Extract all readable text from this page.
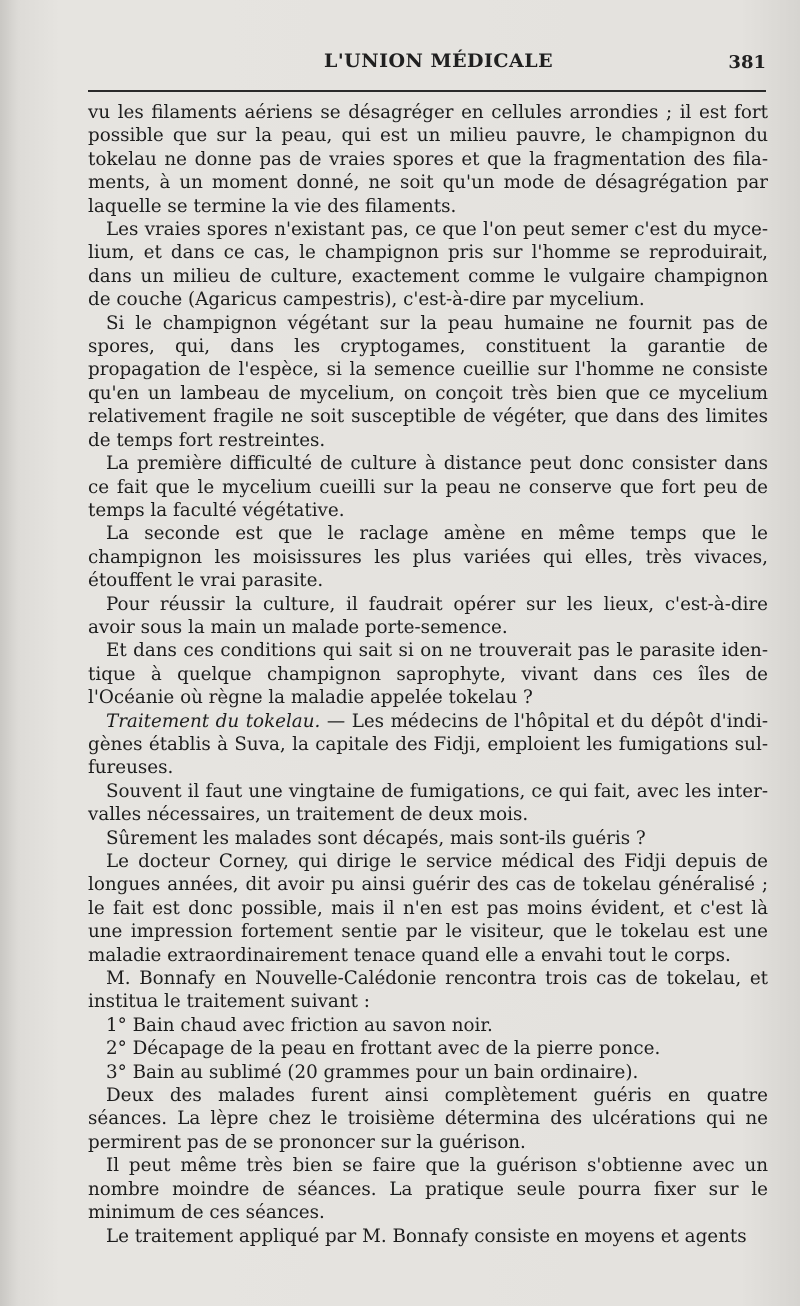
L'UNION MÉDICALE	381

vu les filaments aériens se désagréger en cellules arrondies ; il est fort possible que sur la peau, qui est un milieu pauvre, le champignon du tokelau ne donne pas de vraies spores et que la fragmentation des filaments, à un moment donné, ne soit qu'un mode de désagrégation par laquelle se termine la vie des filaments.

Les vraies spores n'existant pas, ce que l'on peut semer c'est du mycelium, et dans ce cas, le champignon pris sur l'homme se reproduirait, dans un milieu de culture, exactement comme le vulgaire champignon de couche (Agaricus campestris), c'est-à-dire par mycelium.

Si le champignon végétant sur la peau humaine ne fournit pas de spores, qui, dans les cryptogames, constituent la garantie de propagation de l'espèce, si la semence cueillie sur l'homme ne consiste qu'en un lambeau de mycelium, on conçoit très bien que ce mycelium relativement fragile ne soit susceptible de végéter, que dans des limites de temps fort restreintes.

La première difficulté de culture à distance peut donc consister dans ce fait que le mycelium cueilli sur la peau ne conserve que fort peu de temps la faculté végétative.

La seconde est que le raclage amène en même temps que le champignon les moisissures les plus variées qui elles, très vivaces, étouffent le vrai parasite.

Pour réussir la culture, il faudrait opérer sur les lieux, c'est-à-dire avoir sous la main un malade porte-semence.

Et dans ces conditions qui sait si on ne trouverait pas le parasite identique à quelque champignon saprophyte, vivant dans ces îles de l'Océanie où règne la maladie appelée tokelau ?

Traitement du tokelau. — Les médecins de l'hôpital et du dépôt d'indigènes établis à Suva, la capitale des Fidji, emploient les fumigations sulfureuses.

Souvent il faut une vingtaine de fumigations, ce qui fait, avec les intervalles nécessaires, un traitement de deux mois.

Sûrement les malades sont décapés, mais sont-ils guéris ?

Le docteur Corney, qui dirige le service médical des Fidji depuis de longues années, dit avoir pu ainsi guérir des cas de tokelau généralisé ; le fait est donc possible, mais il n'en est pas moins évident, et c'est là une impression fortement sentie par le visiteur, que le tokelau est une maladie extraordinairement tenace quand elle a envahi tout le corps.

M. Bonnafy en Nouvelle-Calédonie rencontra trois cas de tokelau, et institua le traitement suivant :

1° Bain chaud avec friction au savon noir.

2° Décapage de la peau en frottant avec de la pierre ponce.

3° Bain au sublimé (20 grammes pour un bain ordinaire).

Deux des malades furent ainsi complètement guéris en quatre séances. La lèpre chez le troisième détermina des ulcérations qui ne permirent pas de se prononcer sur la guérison.

Il peut même très bien se faire que la guérison s'obtienne avec un nombre moindre de séances. La pratique seule pourra fixer sur le minimum de ces séances.

Le traitement appliqué par M. Bonnafy consiste en moyens et agents
